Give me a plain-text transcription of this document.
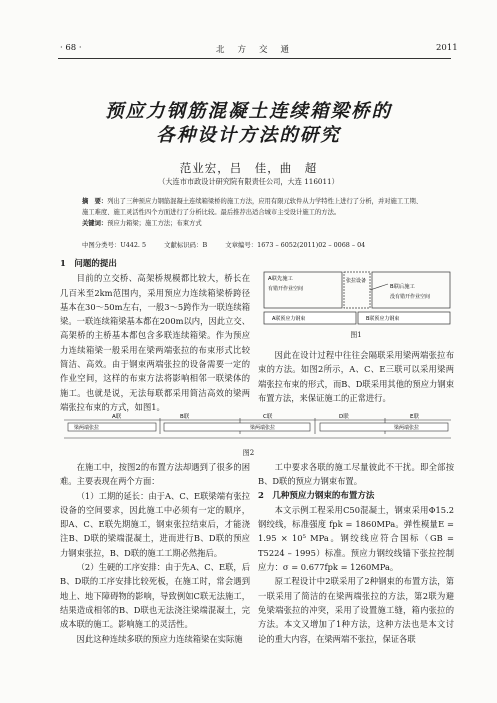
· 68 ·	北方交通	2011
预应力钢筋混凝土连续箱梁桥的
各种设计方法的研究
范业宏，吕　佳，曲　超
（大连市市政设计研究院有限责任公司，大连 116011）
摘　要：列出了三种预应力钢筋混凝土连续箱梁桥的施工方法，应用有限元软件从力学特性上进行了分析，并对施工工期、施工难度、施工灵活性四个方面进行了分析比较。最后推荐出适合城市主受设计施工的方法。
关键词：预应力箱梁；施工方法；布束方式
中图分类号：U442. 5	文献标识码：B	文章编号：1673 – 6052(2011)02 – 0068 – 04

1　问题的提出

目前的立交桥、高架桥规模都比较大，桥长在几百米至2km范围内，采用预应力连续箱梁桥跨径基本在30～50m左右，一般3～5跨作为一联连续箱梁。一联连续箱梁基本都在200m以内，因此立交、高架桥的主桥基本都包含多联连续箱梁。作为预应力连续箱梁一般采用在梁两端张拉的布束形式比较简洁、高效。由于钢束两端张拉的设备需要一定的作业空间，这样的布束方法将影响相邻一联梁体的施工。也就是说，无法每联都采用简洁高效的梁两端张拉布束的方式，如图1。

A联先施工
有错开作业空间
张拉设备
B联后施工
没有错开作业空间
A联预应力钢束	B联预应力钢束
图1

因此在设计过程中往往会隔联采用梁两端张拉布束的方法。如图2所示，A、C、E三联可以采用梁两端张拉布束的形式，而B、D联采用其他的预应力钢束布置方法，来保证施工的正常进行。

A联	B联	C联	D联	E联
梁两端张拉	梁两端张拉	梁两端张拉
图2

在施工中，按图2的布置方法却遇到了很多的困难。主要表现在两个方面：

（1）工期的延长：由于A、C、E联梁端有张拉设备的空间要求，因此施工中必须有一定的顺序，即A、C、E联先期施工，钢束张拉结束后，才能浇注B、D联的梁端混凝土，进而进行B、D联的预应力钢束张拉，B、D联的施工工期必然拖后。

（2）生硬的工序安排：由于先A、C、E联，后B、D联的工序安排比较死板，在施工时，常会遇到地上、地下障碍物的影响，导致例如C联无法施工，结果造成相邻的B、D联也无法浇注梁端混凝土，完成本联的施工。影响施工的灵活性。

因此这种连续多联的预应力连续箱梁在实际施

工中要求各联的施工尽量彼此不干扰。即全部按B、D联的预应力钢束布置。

2　几种预应力钢束的布置方法

本文示例工程采用C50混凝土，钢束采用Φ15.2钢绞线，标准强度 fpk = 1860MPa。弹性模量E = 1.95 × 10⁵ MPa。钢绞线应符合国标（GB = T5224 – 1995）标准。预应力钢绞线锚下张拉控制应力：σ = 0.677fpk = 1260MPa。

原工程设计中2联采用了2种钢束的布置方法，第一联采用了简洁的在梁两端张拉的方法，第2联为避免梁端张拉的冲突，采用了设置施工缝，箱内张拉的方法。本文又增加了1种方法，这种方法也是本文讨论的重大内容，在梁两端不张拉，保证各联
